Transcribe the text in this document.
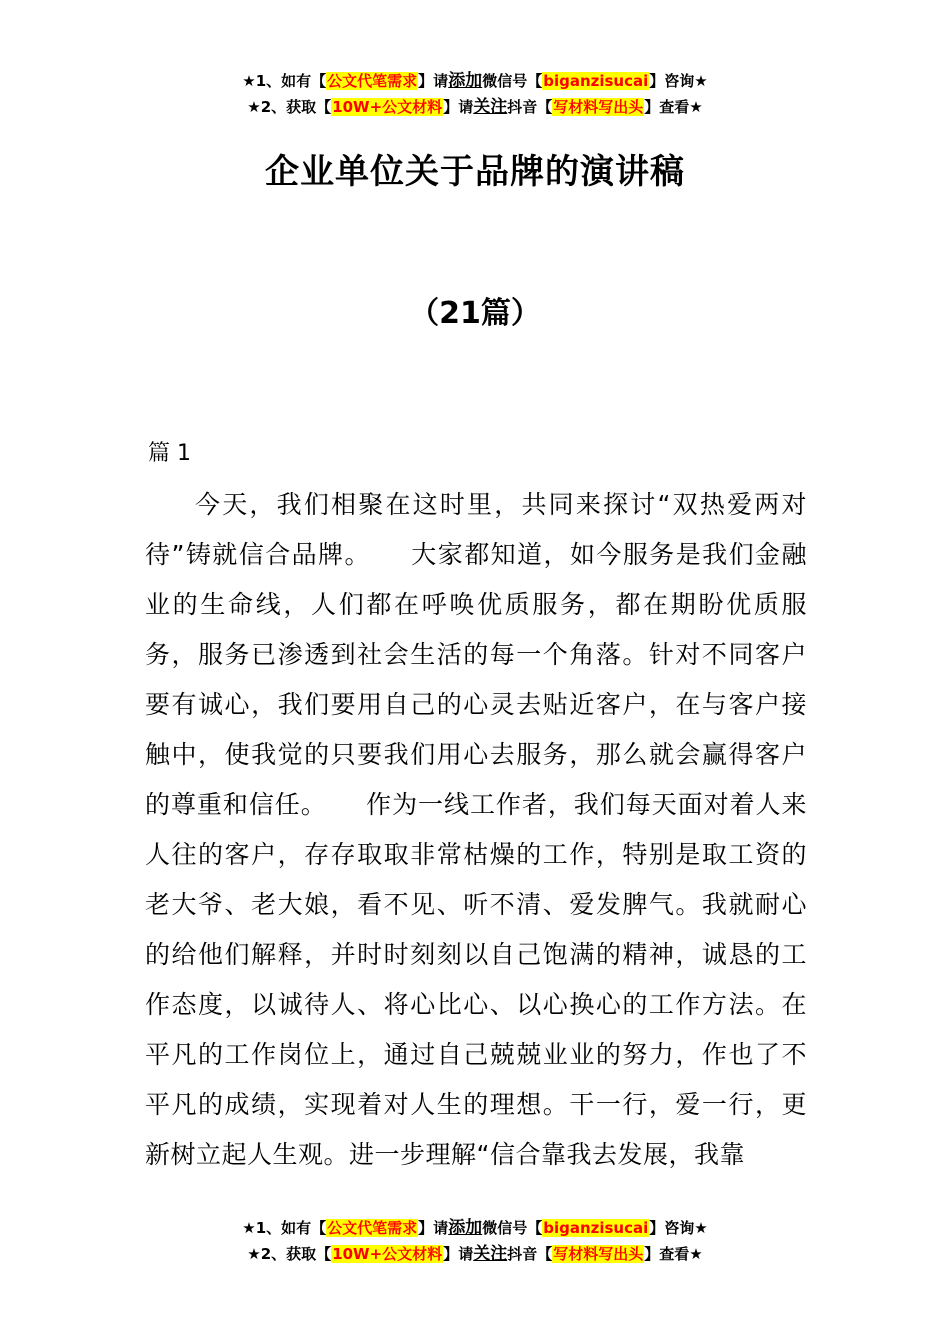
★1、如有【公文代笔需求】请添加微信号【biganzisucai】咨询★
★2、获取【10W+公文材料】请关注抖音【写材料写出头】查看★
企业单位关于品牌的演讲稿
（21篇）
篇 1

今天，我们相聚在这时里，共同来探讨“双热爱两对待”铸就信合品牌。　　大家都知道，如今服务是我们金融业的生命线，人们都在呼唤优质服务，都在期盼优质服务，服务已渗透到社会生活的每一个角落。针对不同客户要有诚心，我们要用自己的心灵去贴近客户，在与客户接触中，使我觉的只要我们用心去服务，那么就会赢得客户的尊重和信任。　　作为一线工作者，我们每天面对着人来人往的客户，存存取取非常枯燥的工作，特别是取工资的老大爷、老大娘，看不见、听不清、爱发脾气。我就耐心的给他们解释，并时时刻刻以自己饱满的精神，诚恳的工作态度，以诚待人、将心比心、以心换心的工作方法。在平凡的工作岗位上，通过自己兢兢业业的努力，作也了不平凡的成绩，实现着对人生的理想。干一行，爱一行，更新树立起人生观。进一步理解“信合靠我去发展，我靠

★1、如有【公文代笔需求】请添加微信号【biganzisucai】咨询★
★2、获取【10W+公文材料】请关注抖音【写材料写出头】查看★
